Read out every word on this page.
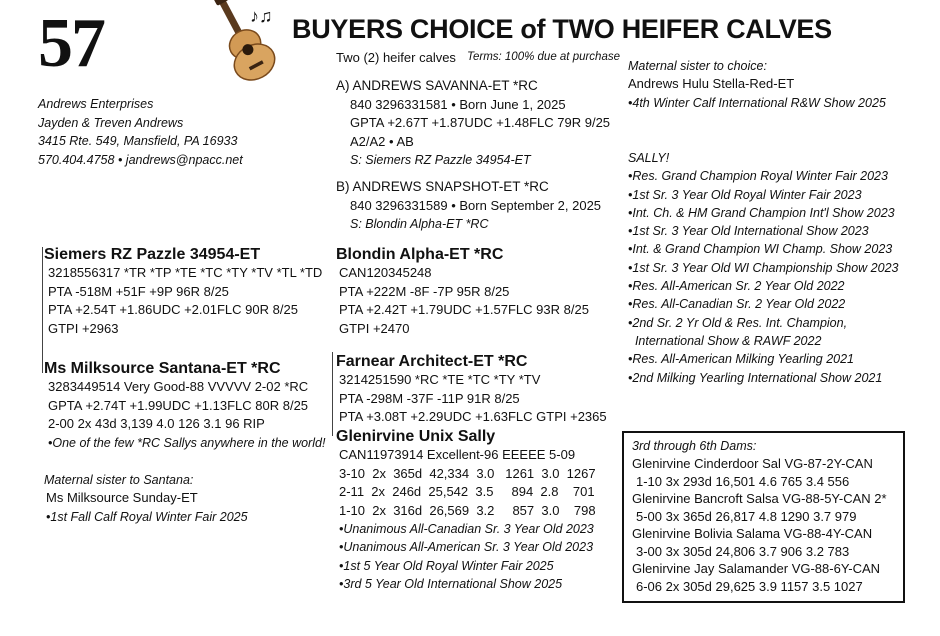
57	♪♫ BUYERS CHOICE of TWO HEIFER CALVES
Two (2) heifer calves Terms: 100% due at purchase
Andrews Enterprises
Jayden & Treven Andrews
3415 Rte. 549, Mansfield, PA 16933
570.404.4758 • jandrews@npacc.net
A) ANDREWS SAVANNA-ET *RC
840 3296331581 • Born June 1, 2025
GPTA +2.67T +1.87UDC +1.48FLC 79R 9/25
A2/A2 • AB
S: Siemers RZ Pazzle 34954-ET
B) ANDREWS SNAPSHOT-ET *RC
840 3296331589 • Born September 2, 2025
S: Blondin Alpha-ET *RC
Siemers RZ Pazzle 34954-ET
3218556317 *TR *TP *TE *TC *TY *TV *TL *TD
PTA -518M +51F +9P 96R 8/25
PTA +2.54T +1.86UDC +2.01FLC 90R 8/25
GTPI +2963
Ms Milksource Santana-ET *RC
3283449514 Very Good-88 VVVVV 2-02 *RC
GPTA +2.74T +1.99UDC +1.13FLC 80R 8/25
2-00 2x 43d 3,139 4.0 126 3.1 96 RIP
•One of the few *RC Sallys anywhere in the world!
Maternal sister to Santana:
Ms Milksource Sunday-ET
•1st Fall Calf Royal Winter Fair 2025
Blondin Alpha-ET *RC
CAN120345248
PTA +222M -8F -7P 95R 8/25
PTA +2.42T +1.79UDC +1.57FLC 93R 8/25
GTPI +2470
Farnear Architect-ET *RC
3214251590 *RC *TE *TC *TY *TV
PTA -298M -37F -11P 91R 8/25
PTA +3.08T +2.29UDC +1.63FLC GTPI +2365
Glenirvine Unix Sally
CAN11973914 Excellent-96 EEEEE 5-09
3-10  2x  365d  42,334  3.0   1261  3.0  1267
2-11  2x  246d  25,542  3.5     894  2.8    701
1-10  2x  316d  26,569  3.2     857  3.0    798
•Unanimous All-Canadian Sr. 3 Year Old 2023
•Unanimous All-American Sr. 3 Year Old 2023
•1st 5 Year Old Royal Winter Fair 2025
•3rd 5 Year Old International Show 2025
Maternal sister to choice:
Andrews Hulu Stella-Red-ET
•4th Winter Calf International R&W Show 2025
SALLY!
•Res. Grand Champion Royal Winter Fair 2023
•1st Sr. 3 Year Old Royal Winter Fair 2023
•Int. Ch. & HM Grand Champion Int'l Show 2023
•1st Sr. 3 Year Old International Show 2023
•Int. & Grand Champion WI Champ. Show 2023
•1st Sr. 3 Year Old WI Championship Show 2023
•Res. All-American Sr. 2 Year Old 2022
•Res. All-Canadian Sr. 2 Year Old 2022
•2nd Sr. 2 Yr Old & Res. Int. Champion,
International Show & RAWF 2022
•Res. All-American Milking Yearling 2021
•2nd Milking Yearling International Show 2021
3rd through 6th Dams:
Glenirvine Cinderdoor Sal VG-87-2Y-CAN
1-10 3x 293d 16,501 4.6 765 3.4 556
Glenirvine Bancroft Salsa VG-88-5Y-CAN 2*
5-00 3x 365d 26,817 4.8 1290 3.7 979
Glenirvine Bolivia Salama VG-88-4Y-CAN
3-00 3x 305d 24,806 3.7 906 3.2 783
Glenirvine Jay Salamander VG-88-6Y-CAN
6-06 2x 305d 29,625 3.9 1157 3.5 1027
